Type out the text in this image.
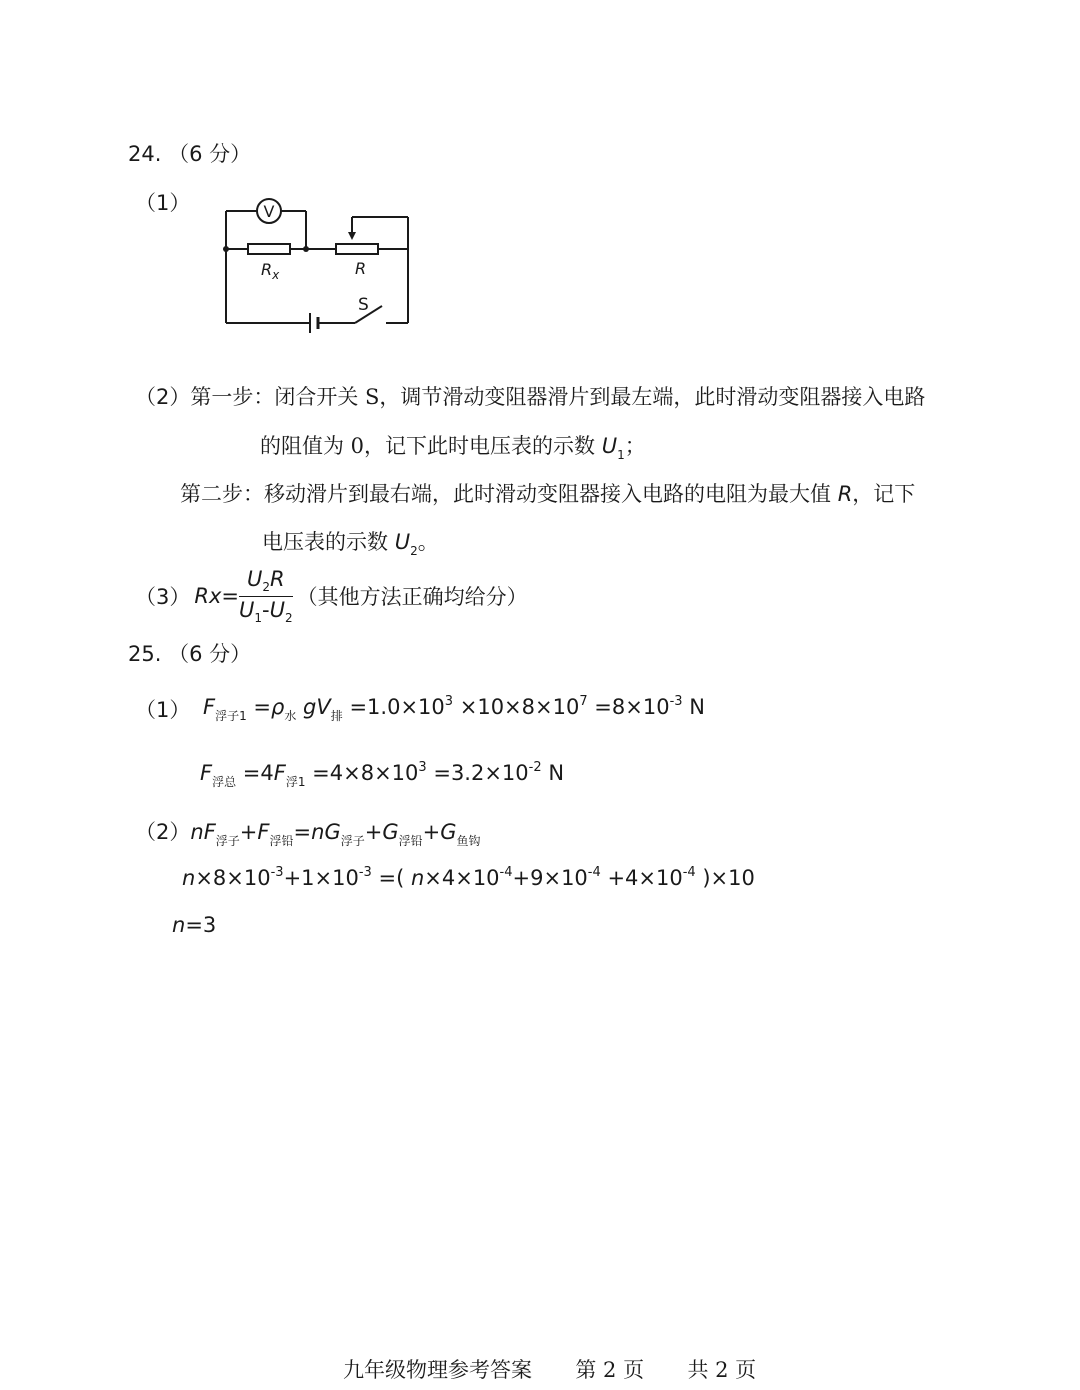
24. （6 分）
（1）	V
$R_x$	R
S
（2）第一步：闭合开关 S，调节滑动变阻器滑片到最左端，此时滑动变阻器接入电路
的阻值为 0，记下此时电压表的示数 $U_1$；
第二步：移动滑片到最右端，此时滑动变阻器接入电路的电阻为最大值 R，记下
电压表的示数 $U_2$。
（3） $Rx= \frac{U_2R}{U_1-U_2}$ （其他方法正确均给分）
25. （6 分）
（1） $F_{浮子1} =\rho_水$ $gV_排 =1.0\times 10^3 \times 10\times 8\times 10^7 =8\times 10^{-3}$ N
$F_{浮总} =4F_{浮1} =4\times 8\times 10^3 =3.2\times 10^{-2}$ N
$(2)nF_{浮子}+F_{浮铅}=nG_{浮子}+G_{浮铅}+G_{鱼钩}$
$n\times 8\times 10^{-3}+1\times 10^{-3}$ =( $n\times 4\times 10^{-4}+9\times 10^{-4} +4\times 10^{-4}$ )×10
n=3
九年级物理参考答案 第 2 页 共 2 页
